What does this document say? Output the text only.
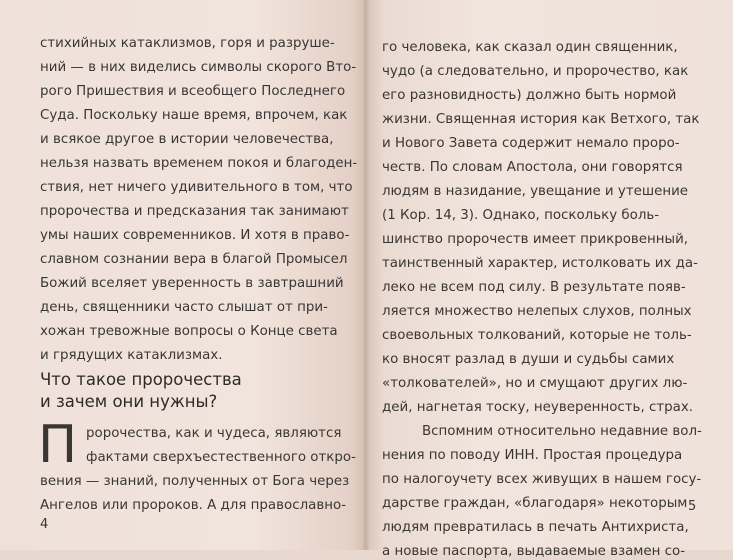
стихийных катаклизмов, горя и разруше-
ний — в них виделись символы скорого Вто-
рого Пришествия и всеобщего Последнего
Суда. Поскольку наше время, впрочем, как
и всякое другое в истории человечества,
нельзя назвать временем покоя и благоден-
ствия, нет ничего удивительного в том, что
пророчества и предсказания так занимают
умы наших современников. И хотя в право-
славном сознании вера в благой Промысел
Божий вселяет уверенность в завтрашний
день, священники часто слышат от при-
хожан тревожные вопросы о Конце света
и грядущих катаклизмах.
Что такое пророчества
и зачем они нужны?
П ророчества, как и чудеса, являются
фактами сверхъестественного откро-
вения — знаний, полученных от Бога через
Ангелов или пророков. А для православно-
4
го человека, как сказал один священник,
чудо (а следовательно, и пророчество, как
его разновидность) должно быть нормой
жизни. Священная история как Ветхого, так
и Нового Завета содержит немало проро-
честв. По словам Апостола, они говорятся
людям в назидание, увещание и утешение
(1 Кор. 14, 3). Однако, поскольку боль-
шинство пророчеств имеет прикровенный,
таинственный характер, истолковать их да-
леко не всем под силу. В результате появ-
ляется множество нелепых слухов, полных
своевольных толкований, которые не толь-
ко вносят разлад в души и судьбы самих
«толкователей», но и смущают других лю-
дей, нагнетая тоску, неуверенность, страх.
Вспомним относительно недавние вол-
нения по поводу ИНН. Простая процедура
по налогоучету всех живущих в нашем госу-
дарстве граждан, «благодаря» некоторым
людям превратилась в печать Антихриста,
а новые паспорта, выдаваемые взамен со-
5
